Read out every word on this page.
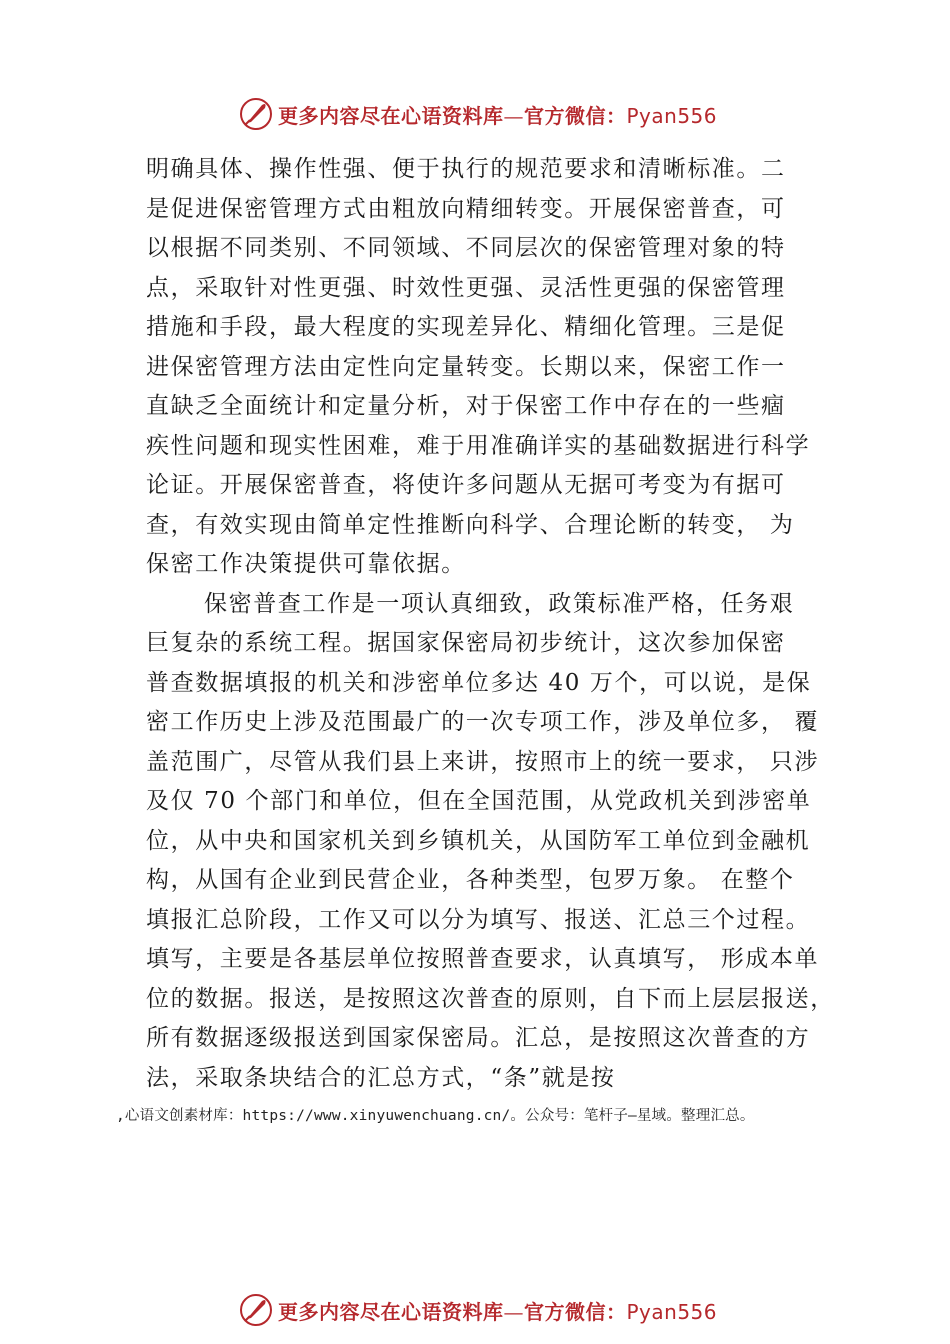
更多内容尽在心语资料库—官方微信：Pyan556
明确具体、操作性强、便于执行的规范要求和清晰标准。二
是促进保密管理方式由粗放向精细转变。开展保密普查，可
以根据不同类别、不同领域、不同层次的保密管理对象的特
点，采取针对性更强、时效性更强、灵活性更强的保密管理
措施和手段，最大程度的实现差异化、精细化管理。三是促
进保密管理方法由定性向定量转变。长期以来，保密工作一
直缺乏全面统计和定量分析，对于保密工作中存在的一些痼
疾性问题和现实性困难，难于用准确详实的基础数据进行科学
论证。开展保密普查，将使许多问题从无据可考变为有据可
查，有效实现由简单定性推断向科学、合理论断的转变， 为
保密工作决策提供可靠依据。
保密普查工作是一项认真细致，政策标准严格，任务艰
巨复杂的系统工程。据国家保密局初步统计，这次参加保密
普查数据填报的机关和涉密单位多达 40 万个，可以说，是保
密工作历史上涉及范围最广的一次专项工作，涉及单位多， 覆
盖范围广，尽管从我们县上来讲，按照市上的统一要求， 只涉
及仅 70 个部门和单位，但在全国范围，从党政机关到涉密单
位，从中央和国家机关到乡镇机关，从国防军工单位到金融机
构，从国有企业到民营企业，各种类型，包罗万象。 在整个
填报汇总阶段，工作又可以分为填写、报送、汇总三个过程。
填写，主要是各基层单位按照普查要求，认真填写， 形成本单
位的数据。报送，是按照这次普查的原则，自下而上层层报送，
所有数据逐级报送到国家保密局。汇总，是按照这次普查的方
法，采取条块结合的汇总方式，“条”就是按
,心语文创素材库：https://www.xinyuwenchuang.cn/。公众号：笔杆子—星域。整理汇总。
更多内容尽在心语资料库—官方微信：Pyan556
